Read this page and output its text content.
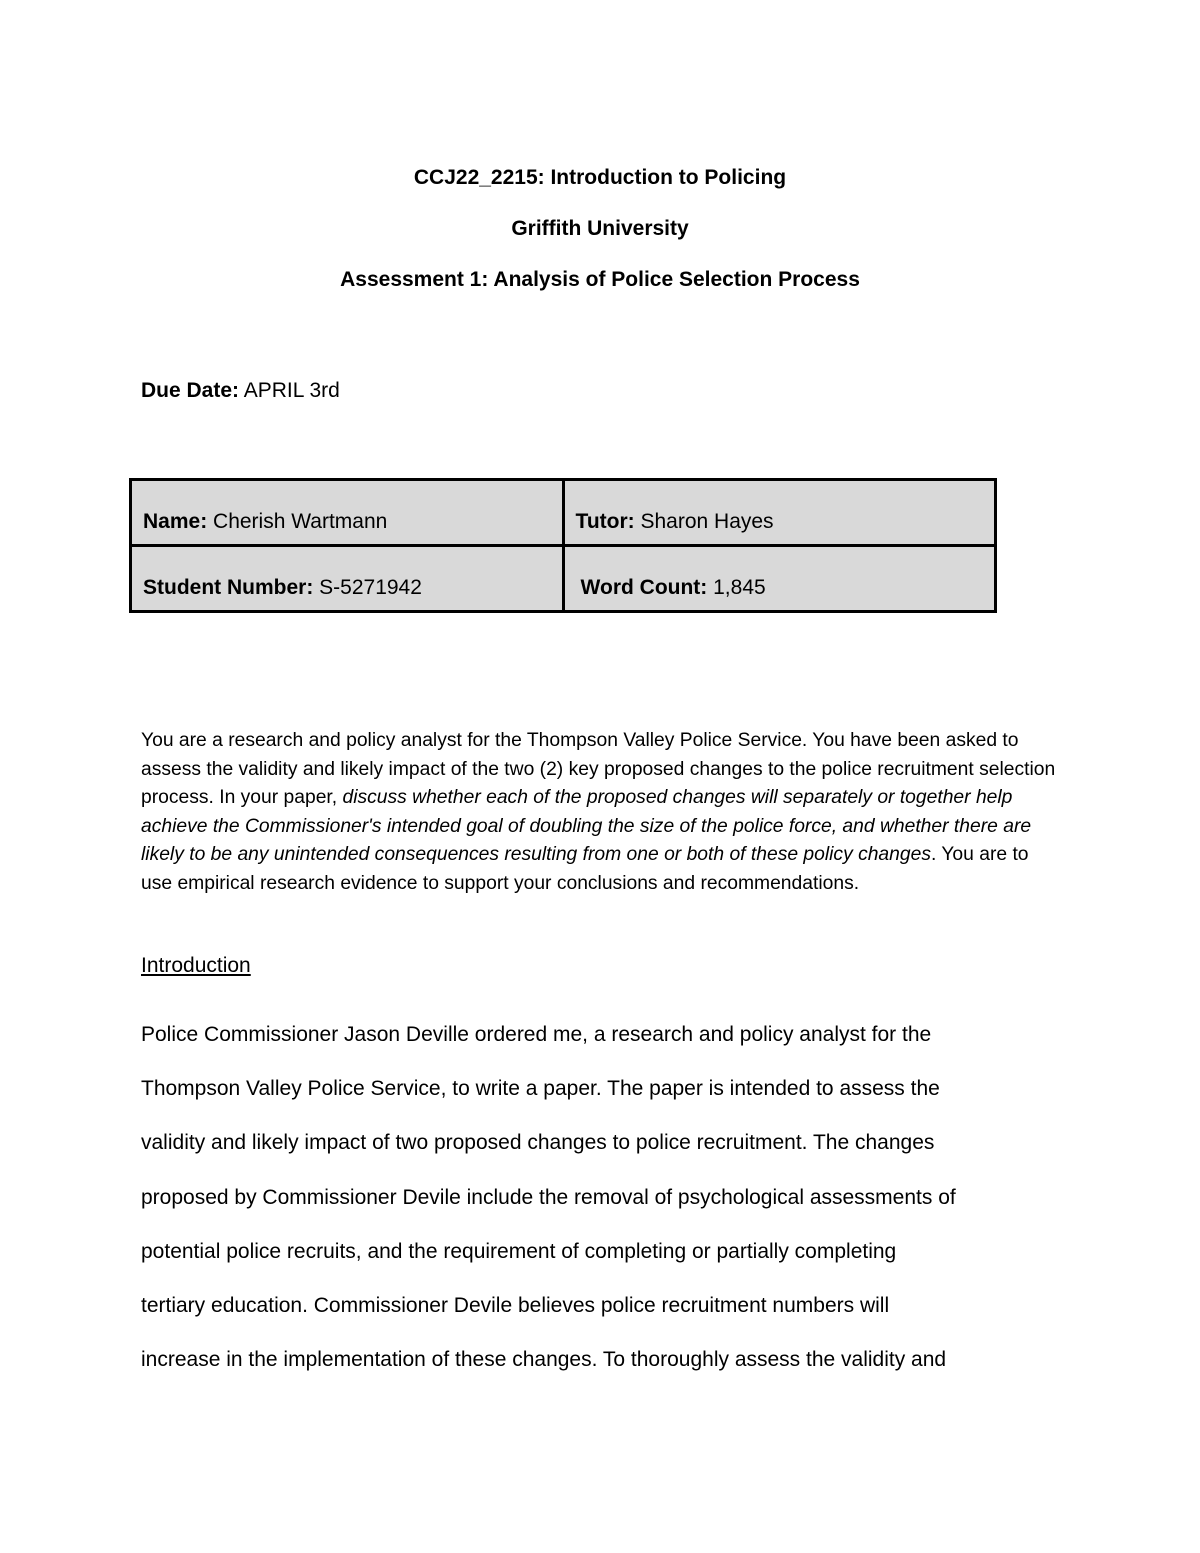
CCJ22_2215: Introduction to Policing

Griffith University

Assessment 1: Analysis of Police Selection Process

Due Date: APRIL 3rd
Name: Cherish Wartmann	Tutor: Sharon Hayes
Student Number: S-5271942	Word Count: 1,845

You are a research and policy analyst for the Thompson Valley Police Service. You have been asked to assess the validity and likely impact of the two (2) key proposed changes to the police recruitment selection process. In your paper, discuss whether each of the proposed changes will separately or together help achieve the Commissioner's intended goal of doubling the size of the police force, and whether there are likely to be any unintended consequences resulting from one or both of these policy changes. You are to use empirical research evidence to support your conclusions and recommendations.

Introduction

Police Commissioner Jason Deville ordered me, a research and policy analyst for the
Thompson Valley Police Service, to write a paper. The paper is intended to assess the
validity and likely impact of two proposed changes to police recruitment. The changes
proposed by Commissioner Devile include the removal of psychological assessments of
potential police recruits, and the requirement of completing or partially completing
tertiary education. Commissioner Devile believes police recruitment numbers will
increase in the implementation of these changes. To thoroughly assess the validity and
